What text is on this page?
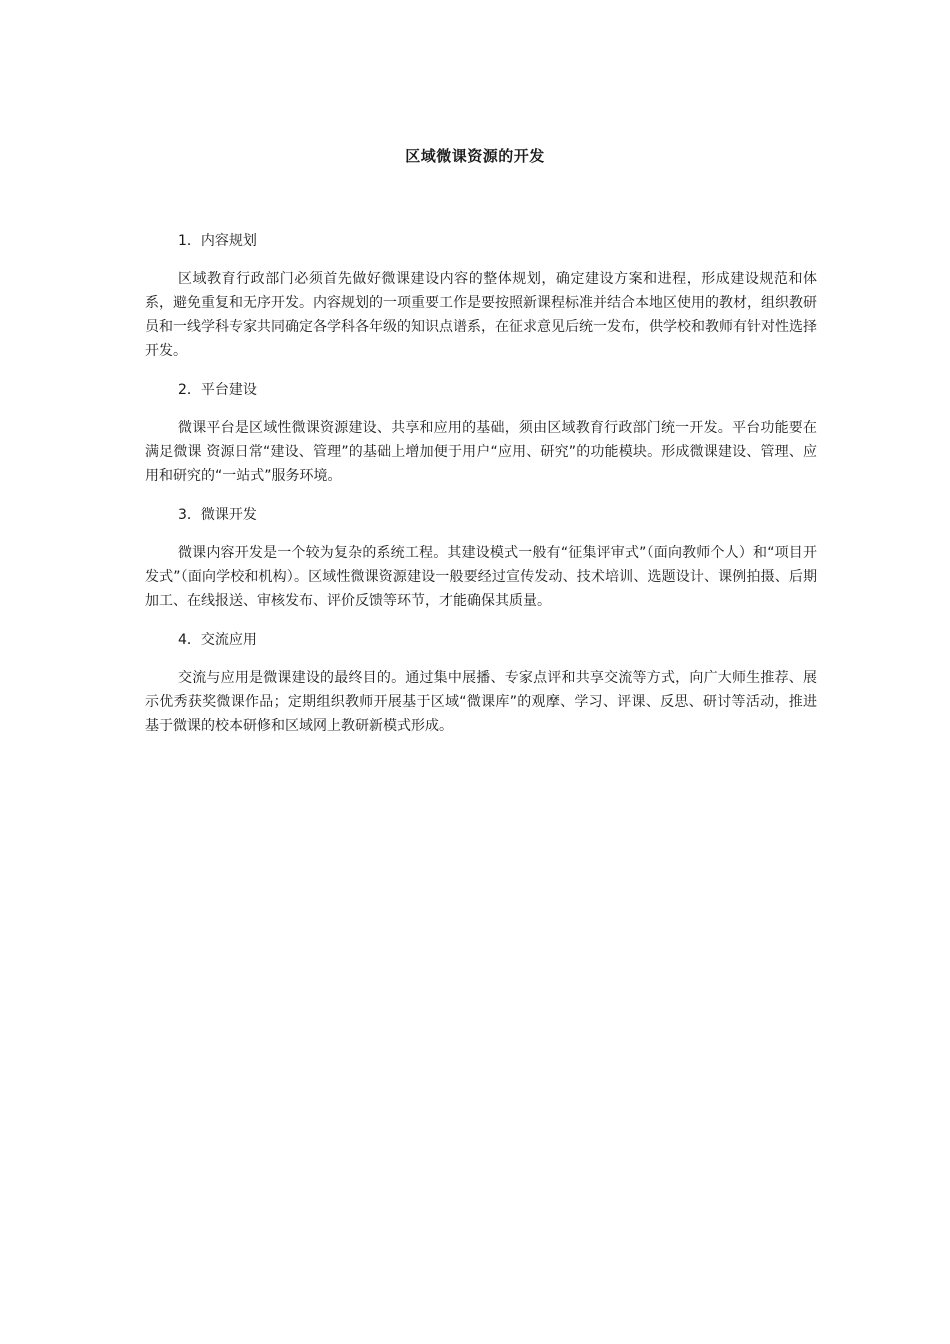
区域微课资源的开发

1．内容规划

区域教育行政部门必须首先做好微课建设内容的整体规划，确定建设方案和进程，形成建设规范和体系，避免重复和无序开发。内容规划的一项重要工作是要按照新课程标准并结合本地区使用的教材，组织教研员和一线学科专家共同确定各学科各年级的知识点谱系，在征求意见后统一发布，供学校和教师有针对性选择开发。

2．平台建设

微课平台是区域性微课资源建设、共享和应用的基础，须由区域教育行政部门统一开发。平台功能要在满足微课 资源日常“建设、管理”的基础上增加便于用户“应用、研究”的功能模块。形成微课建设、管理、应用和研究的“一站式”服务环境。

3．微课开发

微课内容开发是一个较为复杂的系统工程。其建设模式一般有“征集评审式”（面向教师个人）和“项目开发式”（面向学校和机构）。区域性微课资源建设一般要经过宣传发动、技术培训、选题设计、课例拍摄、后期加工、在线报送、审核发布、评价反馈等环节，才能确保其质量。

4．交流应用

交流与应用是微课建设的最终目的。通过集中展播、专家点评和共享交流等方式，向广大师生推荐、展示优秀获奖微课作品；定期组织教师开展基于区域“微课库”的观摩、学习、评课、反思、研讨等活动，推进基于微课的校本研修和区域网上教研新模式形成。
